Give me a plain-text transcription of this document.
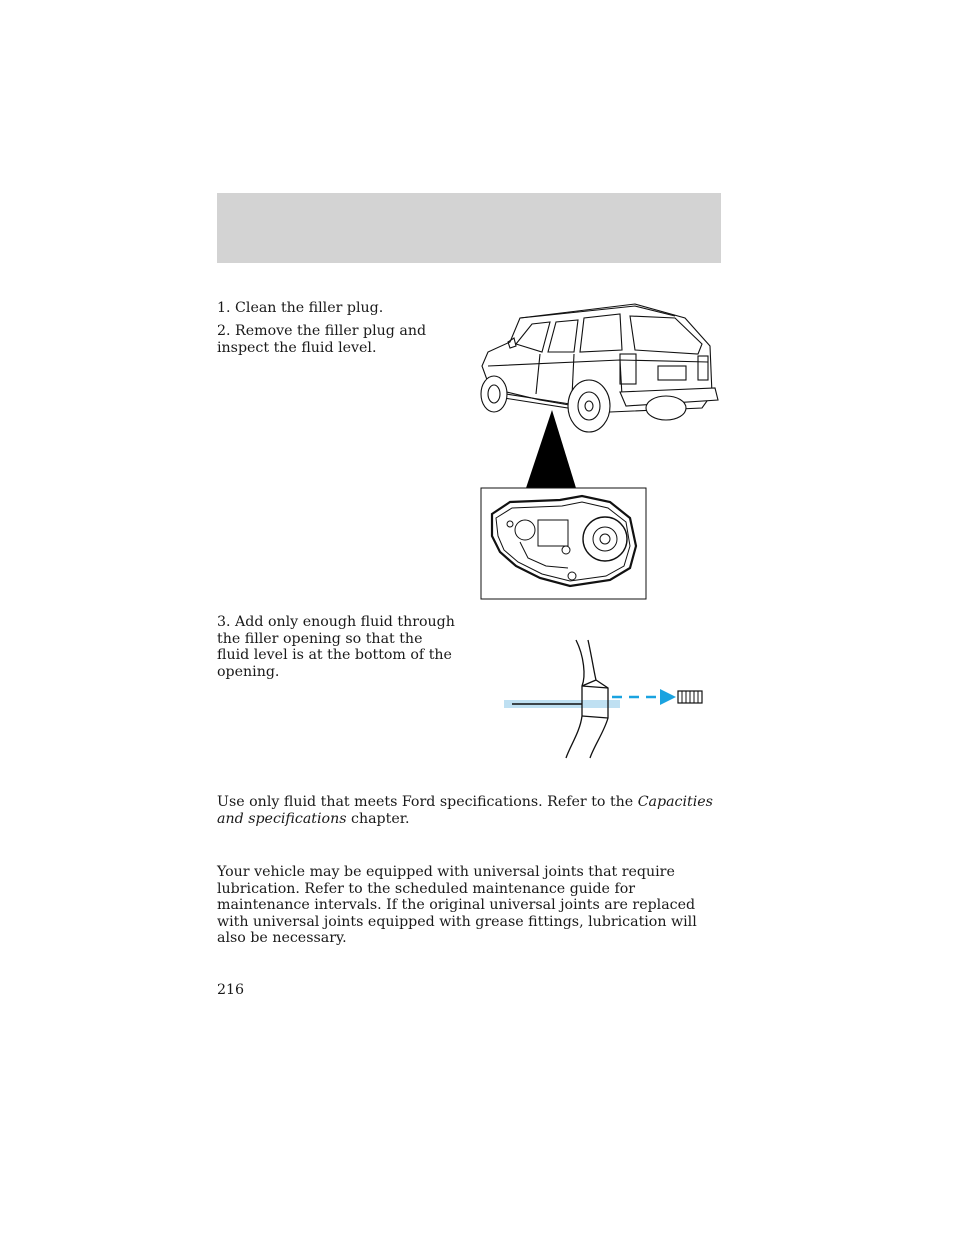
1. Clean the filler plug.

2. Remove the filler plug and inspect the fluid level.

3. Add only enough fluid through the filler opening so that the fluid level is at the bottom of the opening.

Use only fluid that meets Ford specifications. Refer to the Capacities and specifications chapter.

Your vehicle may be equipped with universal joints that require lubrication. Refer to the scheduled maintenance guide for maintenance intervals. If the original universal joints are replaced with universal joints equipped with grease fittings, lubrication will also be necessary.

216
